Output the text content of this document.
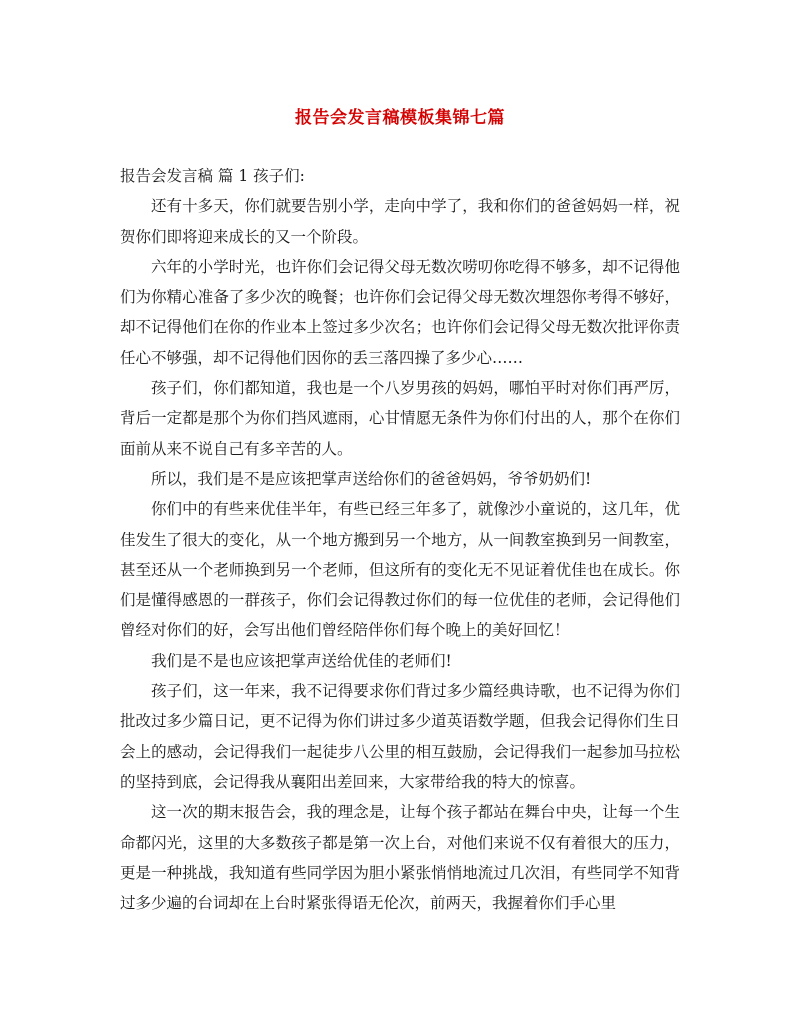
报告会发言稿模板集锦七篇

报告会发言稿 篇 1 孩子们:

还有十多天，你们就要告别小学，走向中学了，我和你们的爸爸妈妈一样，祝贺你们即将迎来成长的又一个阶段。

六年的小学时光，也许你们会记得父母无数次唠叨你吃得不够多，却不记得他们为你精心准备了多少次的晚餐；也许你们会记得父母无数次埋怨你考得不够好，却不记得他们在你的作业本上签过多少次名；也许你们会记得父母无数次批评你责任心不够强，却不记得他们因你的丢三落四操了多少心……

孩子们，你们都知道，我也是一个八岁男孩的妈妈，哪怕平时对你们再严厉，背后一定都是那个为你们挡风遮雨，心甘情愿无条件为你们付出的人，那个在你们面前从来不说自己有多辛苦的人。

所以，我们是不是应该把掌声送给你们的爸爸妈妈，爷爷奶奶们!

你们中的有些来优佳半年，有些已经三年多了，就像沙小童说的，这几年，优佳发生了很大的变化，从一个地方搬到另一个地方，从一间教室换到另一间教室，甚至还从一个老师换到另一个老师，但这所有的变化无不见证着优佳也在成长。你们是懂得感恩的一群孩子，你们会记得教过你们的每一位优佳的老师，会记得他们曾经对你们的好，会写出他们曾经陪伴你们每个晚上的美好回忆！

我们是不是也应该把掌声送给优佳的老师们!

孩子们，这一年来，我不记得要求你们背过多少篇经典诗歌，也不记得为你们批改过多少篇日记，更不记得为你们讲过多少道英语数学题，但我会记得你们生日会上的感动，会记得我们一起徒步八公里的相互鼓励，会记得我们一起参加马拉松的坚持到底，会记得我从襄阳出差回来，大家带给我的特大的惊喜。

这一次的期末报告会，我的理念是，让每个孩子都站在舞台中央，让每一个生命都闪光，这里的大多数孩子都是第一次上台，对他们来说不仅有着很大的压力，更是一种挑战，我知道有些同学因为胆小紧张悄悄地流过几次泪，有些同学不知背过多少遍的台词却在上台时紧张得语无伦次，前两天，我握着你们手心里
